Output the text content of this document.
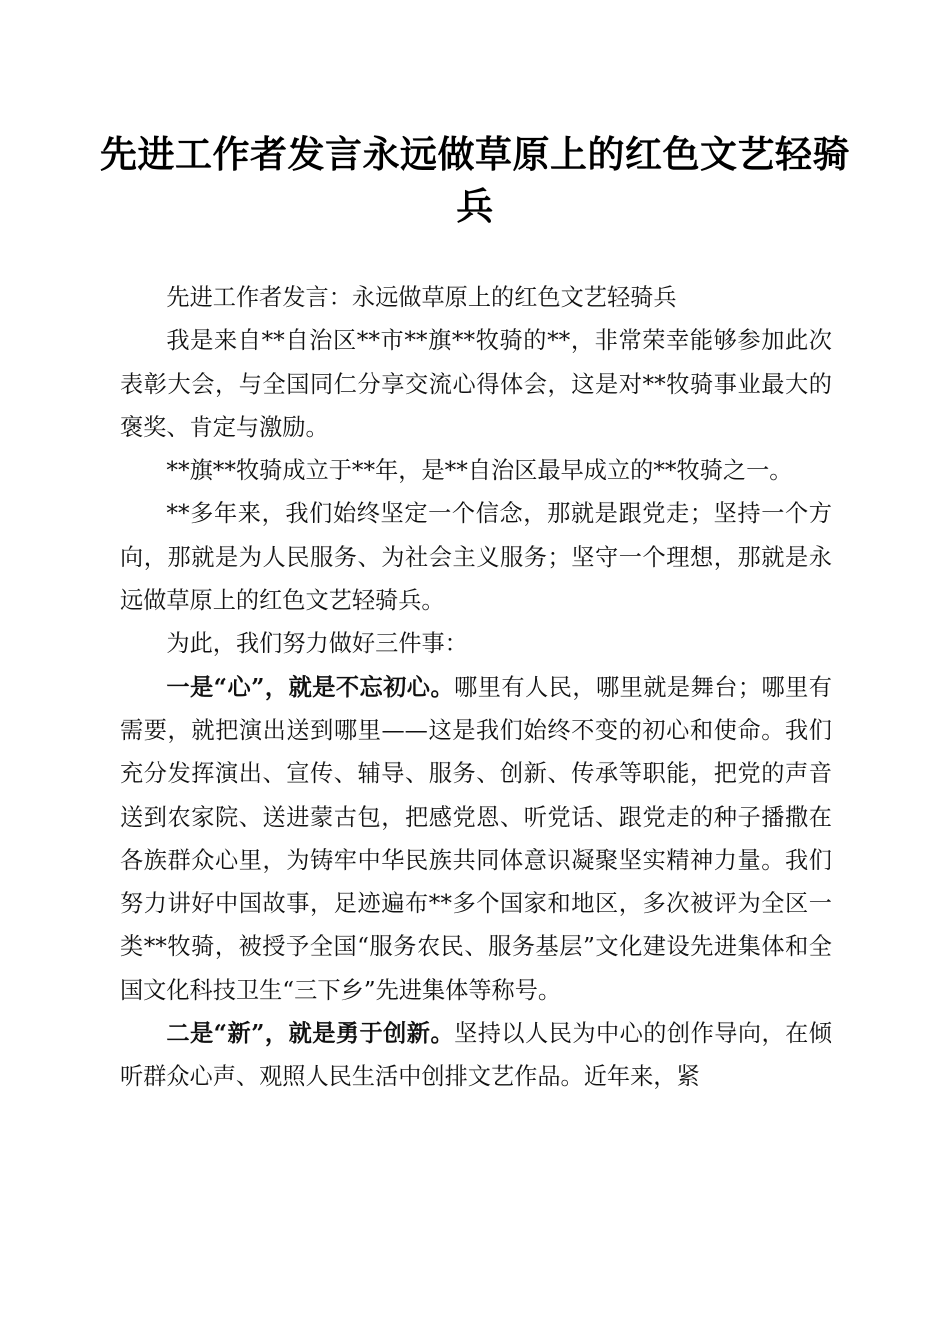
先进工作者发言永远做草原上的红色文艺轻骑兵

先进工作者发言：永远做草原上的红色文艺轻骑兵

我是来自**自治区**市**旗**牧骑的**，非常荣幸能够参加此次表彰大会，与全国同仁分享交流心得体会，这是对**牧骑事业最大的褒奖、肯定与激励。

**旗**牧骑成立于**年，是**自治区最早成立的**牧骑之一。

**多年来，我们始终坚定一个信念，那就是跟党走；坚持一个方向，那就是为人民服务、为社会主义服务；坚守一个理想，那就是永远做草原上的红色文艺轻骑兵。

为此，我们努力做好三件事：

一是“心”，就是不忘初心。哪里有人民，哪里就是舞台；哪里有需要，就把演出送到哪里——这是我们始终不变的初心和使命。我们充分发挥演出、宣传、辅导、服务、创新、传承等职能，把党的声音送到农家院、送进蒙古包，把感党恩、听党话、跟党走的种子播撒在各族群众心里，为铸牢中华民族共同体意识凝聚坚实精神力量。我们努力讲好中国故事，足迹遍布**多个国家和地区，多次被评为全区一类**牧骑，被授予全国“服务农民、服务基层”文化建设先进集体和全国文化科技卫生“三下乡”先进集体等称号。

二是“新”，就是勇于创新。坚持以人民为中心的创作导向，在倾听群众心声、观照人民生活中创排文艺作品。近年来，紧
